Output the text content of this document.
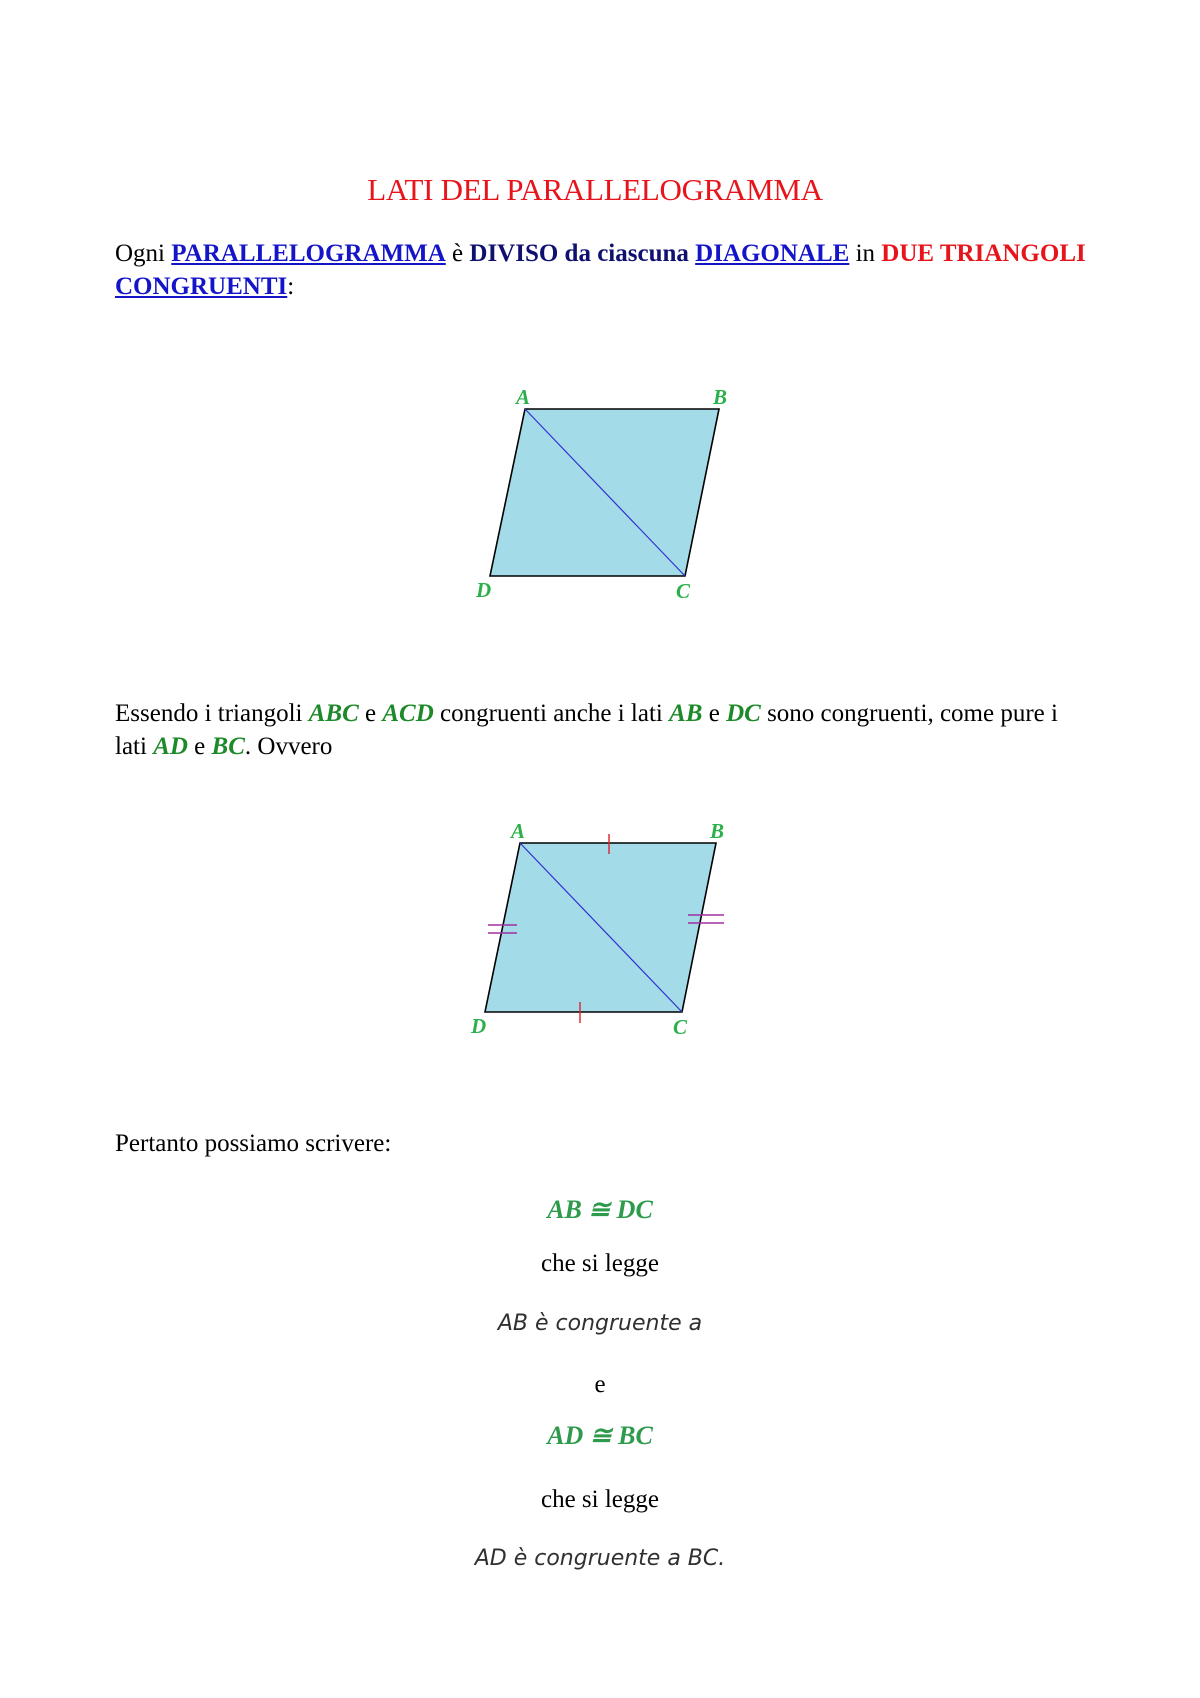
LATI DEL PARALLELOGRAMMA
Ogni PARALLELOGRAMMA è DIVISO da ciascuna DIAGONALE in DUE TRIANGOLI CONGRUENTI:
A	B
C
D
Essendo i triangoli ABC e ACD congruenti anche i lati AB e DC sono congruenti, come pure i lati AD e BC. Ovvero
A	B
C
D
Pertanto possiamo scrivere:
AB ≅ DC
che si legge
AB è congruente a
e
AD ≅ BC
che si legge
AD è congruente a BC.
